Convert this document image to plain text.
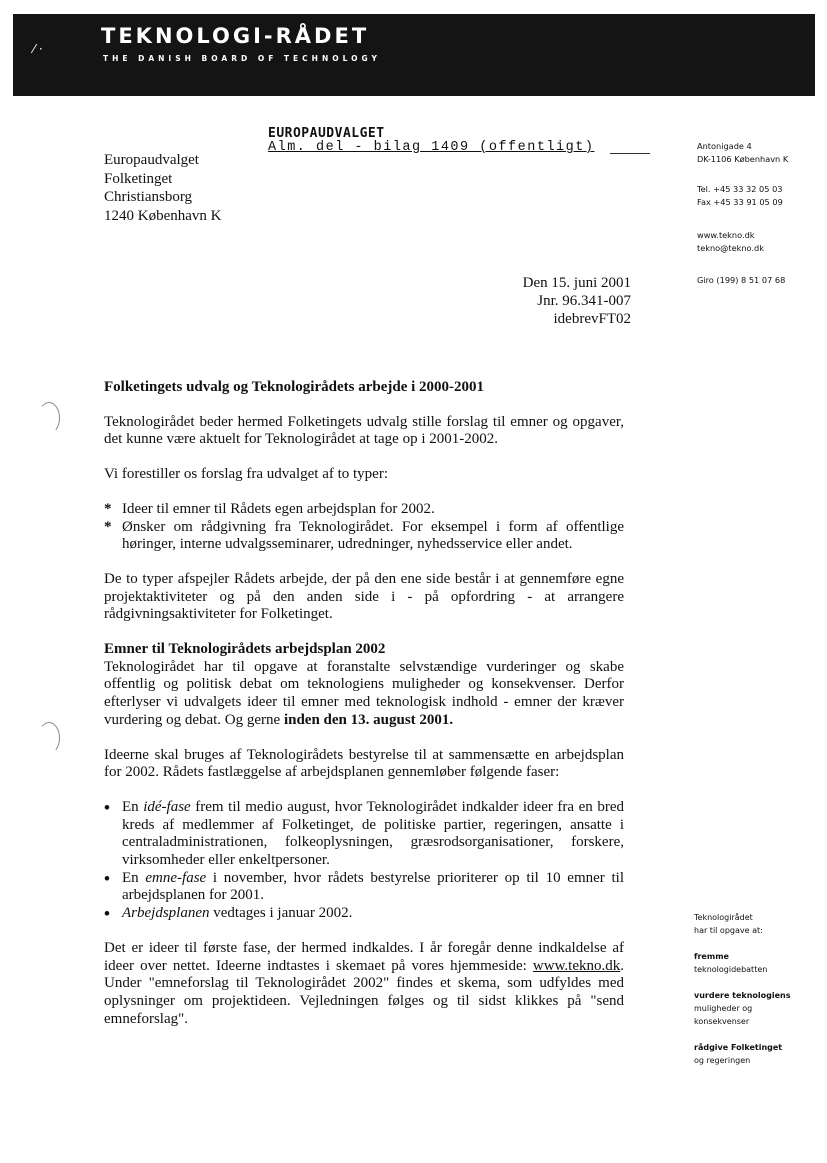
⁄ ·
TEKNOLOGI-RÅDET
THE DANISH BOARD OF TECHNOLOGY
EUROPAUDVALGET
Alm. del - bilag 1409 (offentligt)
Europaudvalget
Folketinget
Christiansborg
1240 København K
Antonigade 4
DK-1106 København K
Tel. +45 33 32 05 03
Fax +45 33 91 05 09
www.tekno.dk
tekno@tekno.dk
Giro (199) 8 51 07 68
Den 15. juni 2001
Jnr. 96.341-007
idebrevFT02

Folketingets udvalg og Teknologirådets arbejde i 2000-2001

Teknologirådet beder hermed Folketingets udvalg stille forslag til emner og opgaver, det kunne være aktuelt for Teknologirådet at tage op i 2001-2002.

Vi forestiller os forslag fra udvalget af to typer:

* Ideer til emner til Rådets egen arbejdsplan for 2002.
* Ønsker om rådgivning fra Teknologirådet. For eksempel i form af offentlige høringer, interne udvalgsseminarer, udredninger, nyhedsservice eller andet.

De to typer afspejler Rådets arbejde, der på den ene side består i at gennemføre egne projektaktiviteter og på den anden side i - på opfordring - at arrangere rådgivningsaktiviteter for Folketinget.

Emner til Teknologirådets arbejdsplan 2002

Teknologirådet har til opgave at foranstalte selvstændige vurderinger og skabe offentlig og politisk debat om teknologiens muligheder og konsekvenser. Derfor efterlyser vi udvalgets ideer til emner med teknologisk indhold - emner der kræver vurdering og debat. Og gerne inden den 13. august 2001.

Ideerne skal bruges af Teknologirådets bestyrelse til at sammensætte en arbejdsplan for 2002. Rådets fastlæggelse af arbejdsplanen gennemløber følgende faser:

• En idé-fase frem til medio august, hvor Teknologirådet indkalder ideer fra en bred kreds af medlemmer af Folketinget, de politiske partier, regeringen, ansatte i centraladministrationen, folkeoplysningen, græsrodsorganisationer, forskere, virksomheder eller enkeltpersoner.
• En emne-fase i november, hvor rådets bestyrelse prioriterer op til 10 emner til arbejdsplanen for 2001.
• Arbejdsplanen vedtages i januar 2002.

Det er ideer til første fase, der hermed indkaldes. I år foregår denne indkaldelse af ideer over nettet. Ideerne indtastes i skemaet på vores hjemmeside: www.tekno.dk. Under "emneforslag til Teknologirådet 2002" findes et skema, som udfyldes med oplysninger om projektideen. Vejledningen følges og til sidst klikkes på "send emneforslag".

Teknologirådet
har til opgave at:
fremme
teknologidebatten
vurdere teknologiens
muligheder og
konsekvenser
rådgive Folketinget
og regeringen
